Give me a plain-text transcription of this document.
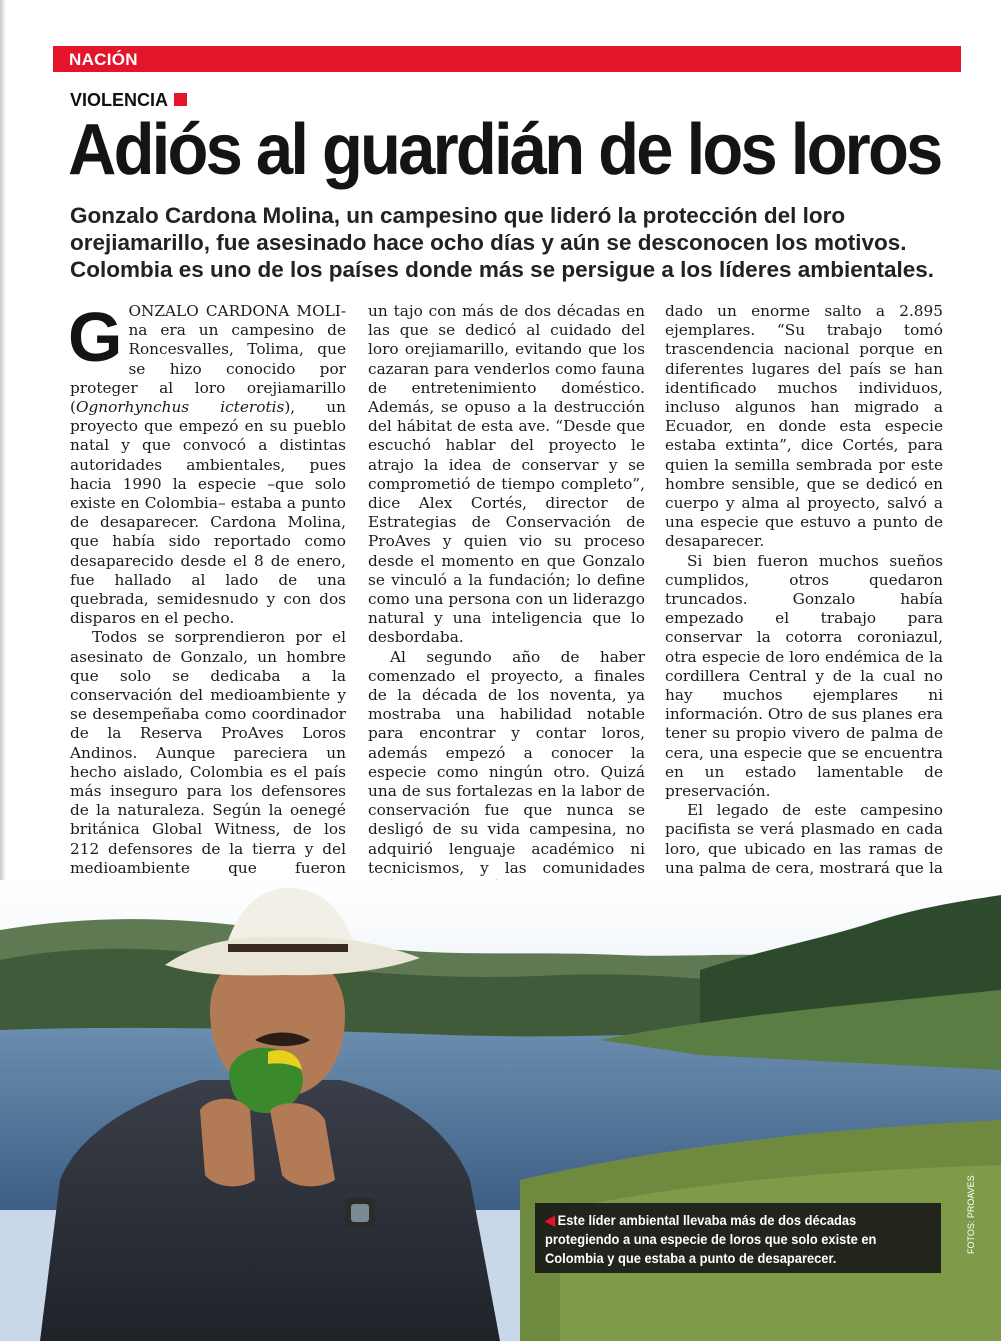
NACIÓN
VIOLENCIA
Adiós al guardián de los loros

Gonzalo Cardona Molina, un campesino que lideró la protección del loro orejiamarillo, fue asesinado hace ocho días y aún se desconocen los motivos. Colombia es uno de los países donde más se persigue a los líderes ambientales.

GONZALO CARDONA MOLI-na era un campesino de Roncesvalles, Tolima, que se hizo conocido por proteger al loro orejiamarillo (Ognorhynchus icterotis), un proyecto que empezó en su pueblo natal y que convocó a distintas autoridades ambientales, pues hacia 1990 la especie –que solo existe en Colombia– estaba a punto de desaparecer. Cardona Molina, que había sido reportado como desaparecido desde el 8 de enero, fue hallado al lado de una quebrada, semidesnudo y con dos disparos en el pecho.

Todos se sorprendieron por el asesinato de Gonzalo, un hombre que solo se dedicaba a la conservación del medioambiente y se desempeñaba como coordinador de la Reserva ProAves Loros Andinos. Aunque pareciera un hecho aislado, Colombia es el país más inseguro para los defensores de la naturaleza. Según la oenegé británica Global Witness, de los 212 defensores de la tierra y del medioambiente que fueron

un tajo con más de dos décadas en las que se dedicó al cuidado del loro orejiamarillo, evitando que los cazaran para venderlos como fauna de entretenimiento doméstico. Además, se opuso a la destrucción del hábitat de esta ave. “Desde que escuchó hablar del proyecto le atrajo la idea de conservar y se comprometió de tiempo completo”, dice Alex Cortés, director de Estrategias de Conservación de ProAves y quien vio su proceso desde el momento en que Gonzalo se vinculó a la fundación; lo define como una persona con un liderazgo natural y una inteligencia que lo desbordaba.

Al segundo año de haber comenzado el proyecto, a finales de la década de los noventa, ya mostraba una habilidad notable para encontrar y contar loros, además empezó a conocer la especie como ningún otro. Quizá una de sus fortalezas en la labor de conservación fue que nunca se desligó de su vida campesina, no adquirió lenguaje académico ni tecnicismos, y las comunidades

dado un enorme salto a 2.895 ejemplares. “Su trabajo tomó trascendencia nacional porque en diferentes lugares del país se han identificado muchos individuos, incluso algunos han migrado a Ecuador, en donde esta especie estaba extinta”, dice Cortés, para quien la semilla sembrada por este hombre sensible, que se dedicó en cuerpo y alma al proyecto, salvó a una especie que estuvo a punto de desaparecer.

Si bien fueron muchos sueños cumplidos, otros quedaron truncados. Gonzalo había empezado el trabajo para conservar la cotorra coroniazul, otra especie de loro endémica de la cordillera Central y de la cual no hay muchos ejemplares ni información. Otro de sus planes era tener su propio vivero de palma de cera, una especie que se encuentra en un estado lamentable de preservación.

El legado de este campesino pacifista se verá plasmado en cada loro, que ubicado en las ramas de una palma de cera, mostrará que la

◀ Este líder ambiental llevaba más de dos décadas protegiendo a una especie de loros que solo existe en Colombia y que estaba a punto de desaparecer.
FOTOS: PROAVES
